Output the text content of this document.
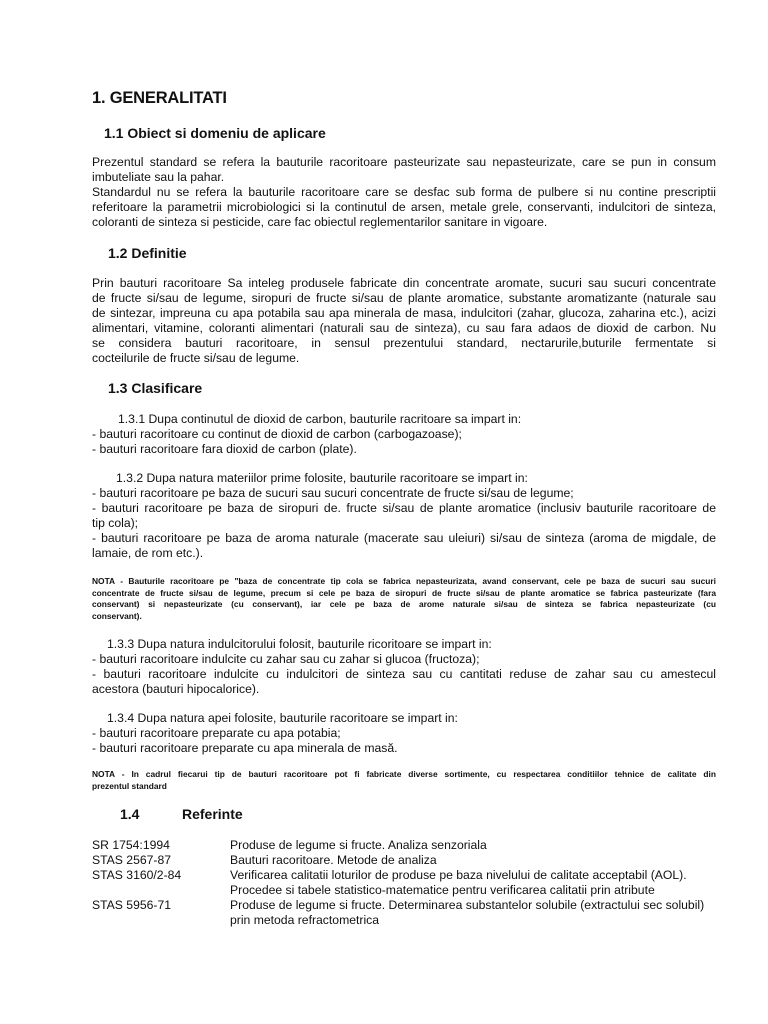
1. GENERALITATI
1.1 Obiect si domeniu de aplicare
Prezentul standard se refera la bauturile racoritoare pasteurizate sau nepasteurizate, care se pun in consum
imbuteliate sau la pahar.
Standardul nu se refera la bauturile racoritoare care se desfac sub forma de pulbere si nu contine prescriptii
referitoare la parametrii microbiologici si la continutul de arsen, metale grele, conservanti, indulcitori de sinteza,
coloranti de sinteza si pesticide, care fac obiectul reglementarilor sanitare in vigoare.
1.2 Definitie
Prin bauturi racoritoare Sa inteleg produsele fabricate din concentrate aromate, sucuri sau sucuri concentrate
de fructe si/sau de legume, siropuri de fructe si/sau de plante aromatice, substante aromatizante (naturale sau
de sintezar, impreuna cu apa potabila sau apa minerala de masa, indulcitori (zahar, glucoza, zaharina etc.), acizi
alimentari, vitamine, coloranti alimentari (naturali sau de sinteza), cu sau fara adaos de dioxid de carbon. Nu
se considera bauturi racoritoare, in sensul prezentului standard, nectarurile,buturile fermentate si
cocteilurile de fructe si/sau de legume.
1.3 Clasificare
1.3.1 Dupa continutul de dioxid de carbon, bauturile racritoare sa impart in:
- bauturi racoritoare cu continut de dioxid de carbon (carbogazoase);
- bauturi racoritoare fara dioxid de carbon (plate).
1.3.2 Dupa natura materiilor prime folosite, bauturile racoritoare se impart in:
- bauturi racoritoare pe baza de sucuri sau sucuri concentrate de fructe si/sau de legume;
- bauturi racoritoare pe baza de siropuri de. fructe si/sau de plante aromatice (inclusiv bauturile racoritoare de
tip cola);
- bauturi racoritoare pe baza de aroma naturale (macerate sau uleiuri) si/sau de sinteza (aroma de migdale, de
lamaie, de rom etc.).
NOTA - Bauturile racoritoare pe "baza de concentrate tip cola se fabrica nepasteurizata, avand conservant, cele pe baza de sucuri sau sucuri
concentrate de fructe si/sau de legume, precum si cele pe baza de siropuri de fructe si/sau de plante aromatice se fabrica pasteurizate (fara
conservant) si nepasteurizate (cu conservant), iar cele pe baza de arome naturale si/sau de sinteza se fabrica nepasteurizate (cu
conservant).
1.3.3 Dupa natura indulcitorului folosit, bauturile ricoritoare se impart in:
- bauturi racoritoare indulcite cu zahar sau cu zahar si glucoa (fructoza);
- bauturi racoritoare indulcite cu indulcitori de sinteza sau cu cantitati reduse de zahar sau cu amestecul
acestora (bauturi hipocalorice).
1.3.4 Dupa natura apei folosite, bauturile racoritoare se impart in:
- bauturi racoritoare preparate cu apa potabia;
- bauturi racoritoare preparate cu apa minerala de masă.
NOTA - In cadrul fiecarui tip de bauturi racoritoare pot fi fabricate diverse sortimente, cu respectarea conditiilor tehnice de calitate din
prezentul standard
1.4	Referinte
SR 1754:1994	Produse de legume si fructe. Analiza senzoriala
STAS 2567-87	Bauturi racoritoare. Metode de analiza
STAS 3160/2-84	Verificarea calitatii loturilor de produse pe baza nivelului de calitate acceptabil (AOL).
Procedee si tabele statistico-matematice pentru verificarea calitatii prin atribute
STAS 5956-71	Produse de legume si fructe. Determinarea substantelor solubile (extractului sec solubil)
prin metoda refractometrica
